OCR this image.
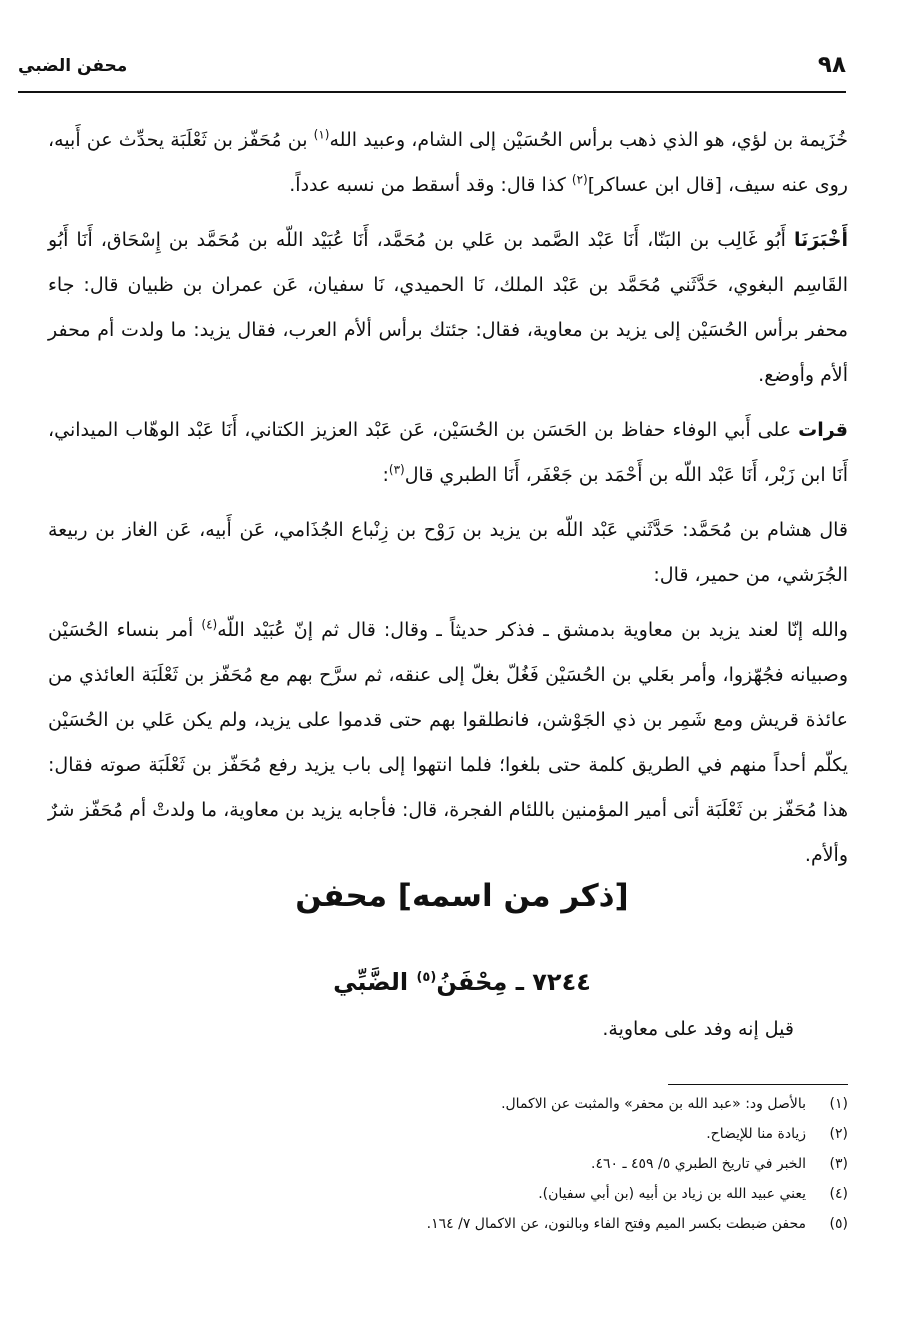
٩٨
محفن الضبي

خُزَيمة بن لؤي، هو الذي ذهب برأس الحُسَيْن إلى الشام، وعبيد الله$^{(١)}$ بن مُحَفّز بن ثَعْلَبَة يحدِّث عن أَبيه، روى عنه سيف، [قال ابن عساكر]$^{(٢)}$ كذا قال: وقد أسقط من نسبه عدداً.

أَخْبَرَنَا أَبُو غَالِب بن البَنّا، أَنَا عَبْد الصَّمد بن عَلي بن مُحَمَّد، أَنَا عُبَيْد اللّه بن مُحَمَّد بن إِسْحَاق، أَنَا أَبُو القَاسِم البغوي، حَدَّثَني مُحَمَّد بن عَبْد الملك، نَا الحميدي، نَا سفيان، عَن عمران بن ظبيان قال: جاء محفر برأس الحُسَيْن إلى يزيد بن معاوية، فقال: جئتك برأس ألأم العرب، فقال يزيد: ما ولدت أم محفر ألأم وأوضع.

قرات على أَبي الوفاء حفاظ بن الحَسَن بن الحُسَيْن، عَن عَبْد العزيز الكتاني، أَنَا عَبْد الوهّاب الميداني، أَنَا ابن زَبْر، أَنَا عَبْد اللّه بن أَحْمَد بن جَعْفَر، أَنَا الطبري قال$^{(٣)}$:

قال هشام بن مُحَمَّد: حَدَّثَني عَبْد اللّه بن يزيد بن رَوْح بن زِنْباع الجُذَامي، عَن أَبيه، عَن الغاز بن ربيعة الجُرَشي، من حمير، قال:

والله إنّا لعند يزيد بن معاوية بدمشق ـ فذكر حديثاً ـ وقال: قال ثم إنّ عُبَيْد اللّه$^{(٤)}$ أمر بنساء الحُسَيْن وصبيانه فجُهّزوا، وأمر بعَلي بن الحُسَيْن فَغُلّ بغلّ إلى عنقه، ثم سرَّح بهم مع مُحَفّز بن ثَعْلَبَة العائذي من عائذة قريش ومع شَمِر بن ذي الجَوْشن، فانطلقوا بهم حتى قدموا على يزيد، ولم يكن عَلي بن الحُسَيْن يكلّم أحداً منهم في الطريق كلمة حتى بلغوا؛ فلما انتهوا إلى باب يزيد رفع مُحَفّز بن ثَعْلَبَة صوته فقال: هذا مُحَفّز بن ثَعْلَبَة أتى أمير المؤمنين باللئام الفجرة، قال: فأجابه يزيد بن معاوية، ما ولدتْ أم مُحَفّز شرٌ وألأم.

[ذكر من اسمه] محفن
٧٢٤٤ ـ مِحْفَنُ$^{(٥)}$ الضَّبِّي
قيل إنه وفد على معاوية.
(١)
بالأصل ود: «عبد الله بن محفر» والمثبت عن الاكمال.
(٢)
زيادة منا للإيضاح.
(٣)
الخبر في تاريخ الطبري ٥/ ٤٥٩ ـ ٤٦٠.
(٤)
يعني عبيد الله بن زياد بن أبيه (بن أبي سفيان).
(٥)
محفن ضبطت بكسر الميم وفتح الفاء وبالنون، عن الاكمال ٧/ ١٦٤.
